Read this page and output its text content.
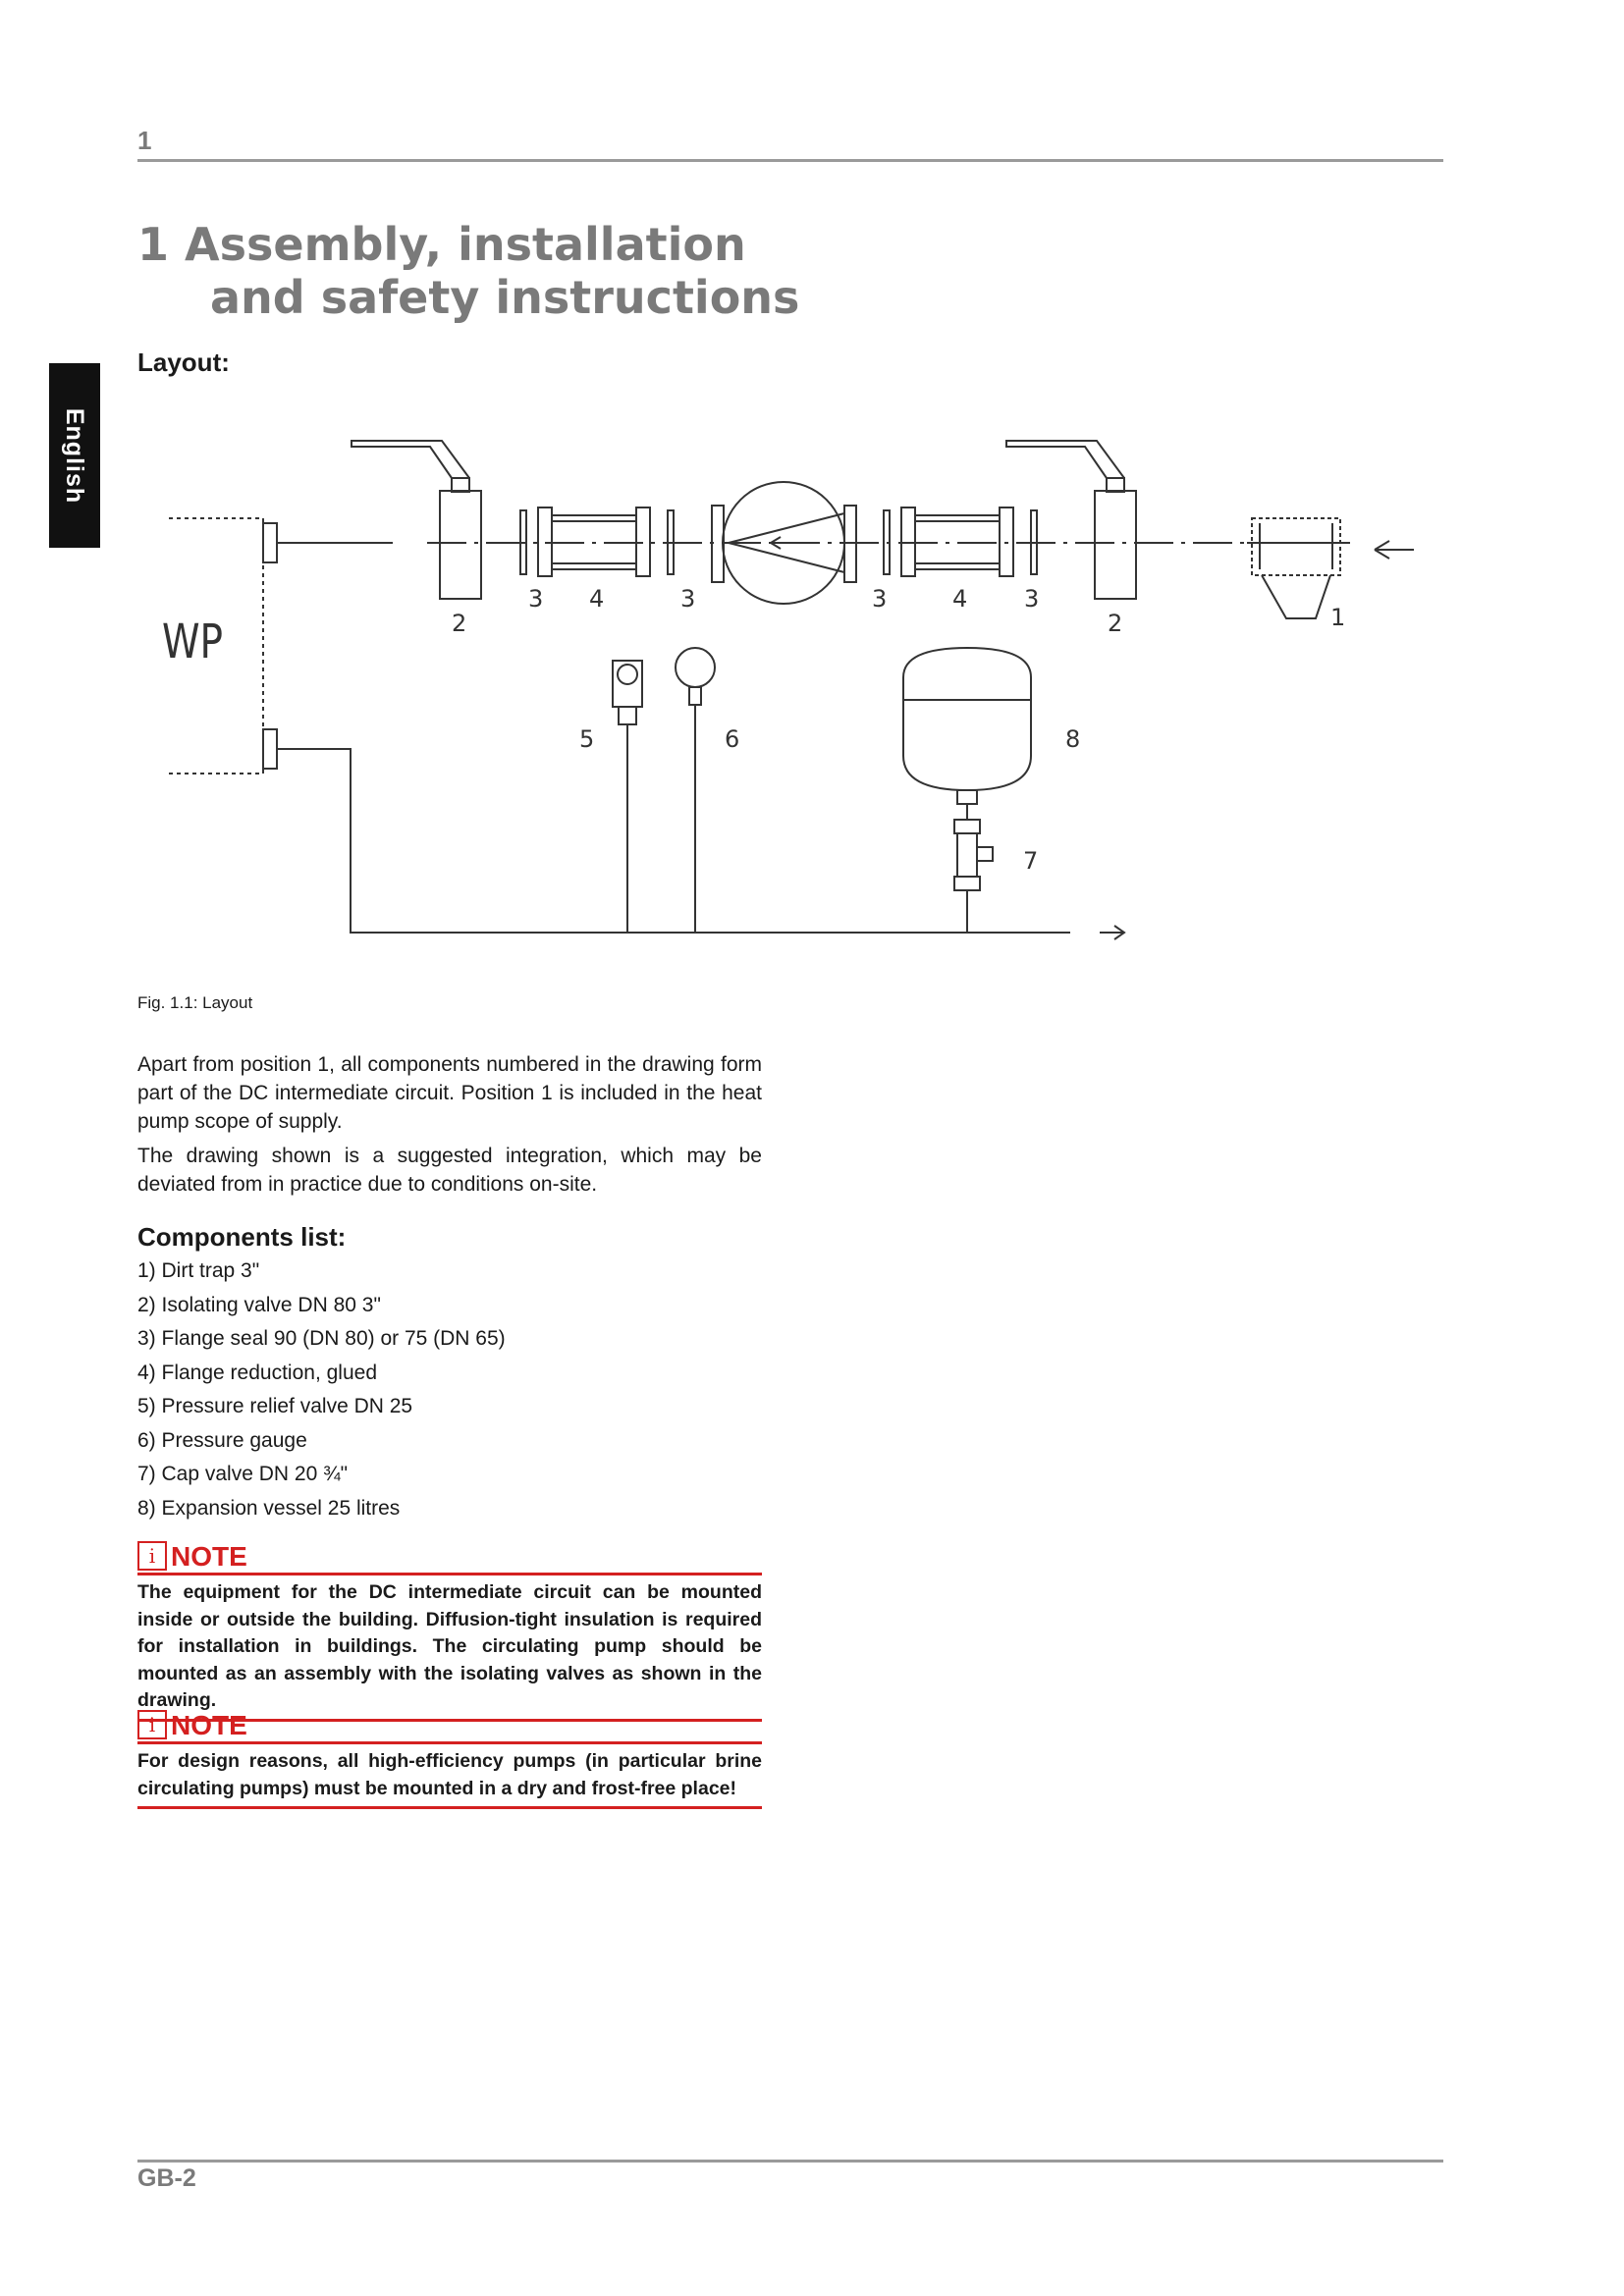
1
English
1 Assembly, installation
and safety instructions
Layout:
WP	1
2	2
3	3	3	3
4	4
5	6
7
8
Fig. 1.1: Layout

Apart from position 1, all components numbered in the drawing form part of the DC intermediate circuit. Position 1 is included in the heat pump scope of supply.

The drawing shown is a suggested integration, which may be deviated from in practice due to conditions on-site.

Components list:
1) Dirt trap 3"
2) Isolating valve DN 80 3"
3) Flange seal 90 (DN 80) or 75 (DN 65)
4) Flange reduction, glued
5) Pressure relief valve DN 25
6) Pressure gauge
7) Cap valve DN 20 ¾"
8) Expansion vessel 25 litres
i NOTE

The equipment for the DC intermediate circuit can be mounted inside or outside the building. Diffusion-tight insulation is required for installation in buildings. The circulating pump should be mounted as an assembly with the isolating valves as shown in the drawing.

i NOTE

For design reasons, all high-efficiency pumps (in particular brine circulating pumps) must be mounted in a dry and frost-free place!

GB-2
